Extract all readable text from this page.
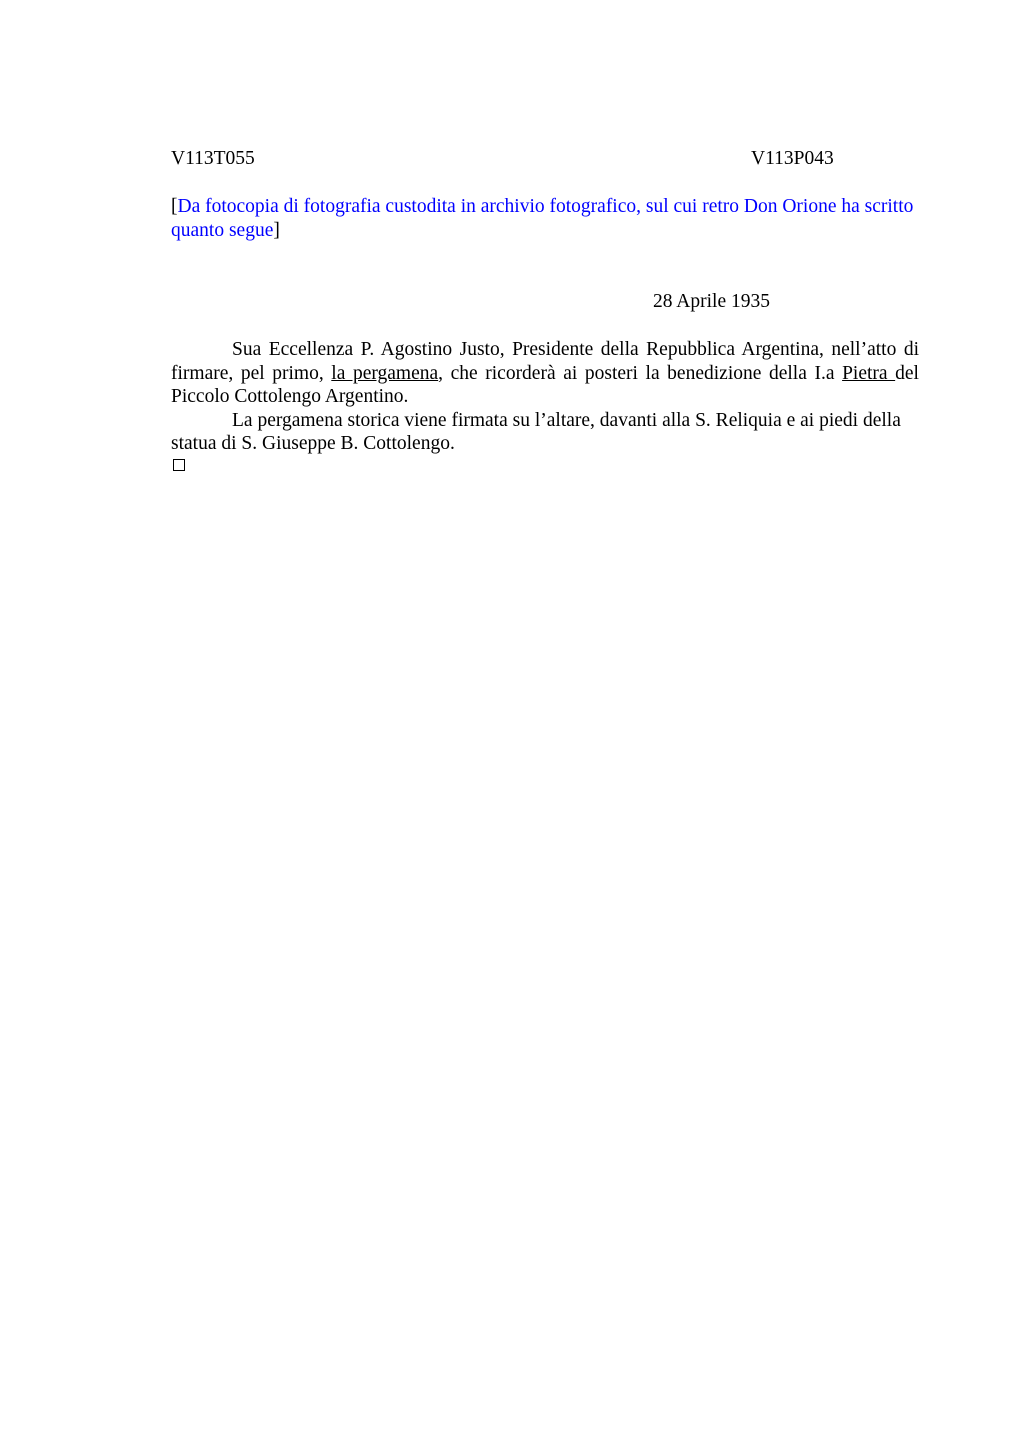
V113T055	V113P043
[Da fotocopia di fotografia custodita in archivio fotografico, sul cui retro Don Orione ha scritto quanto segue]
28 Aprile 1935

Sua Eccellenza P. Agostino Justo, Presidente della Repubblica Argentina, nell’atto di firmare, pel primo, la pergamena, che ricorderà ai posteri la benedizione della I.a Pietra del Piccolo Cottolengo Argentino.

La pergamena storica viene firmata su l’altare, davanti alla S. Reliquia e ai piedi della statua di S. Giuseppe B. Cottolengo.
